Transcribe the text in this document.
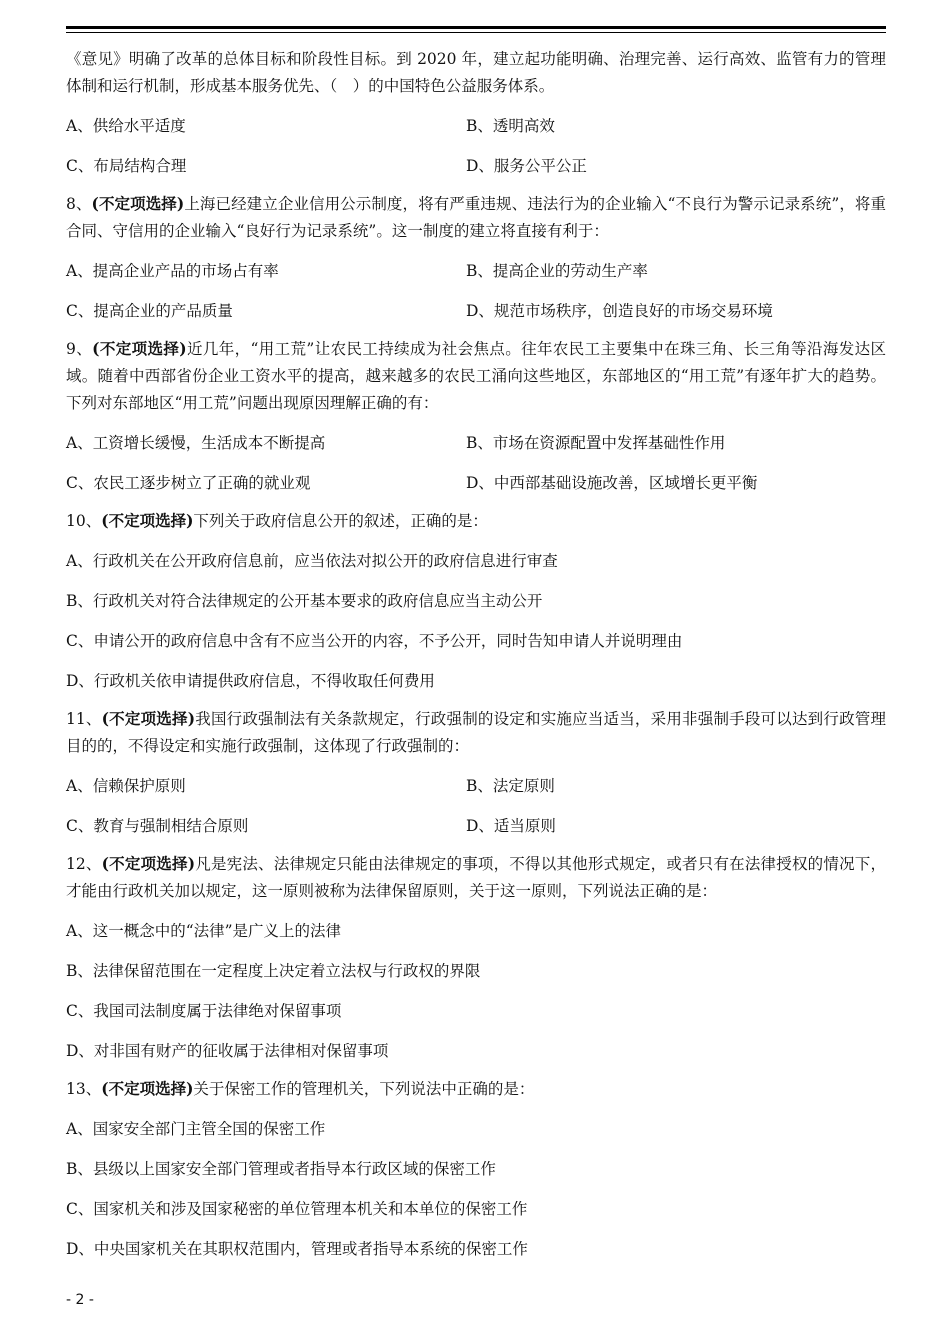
《意见》明确了改革的总体目标和阶段性目标。到 2020 年，建立起功能明确、治理完善、运行高效、监管有力的管理体制和运行机制，形成基本服务优先、（　）的中国特色公益服务体系。

A、供给水平适度	B、透明高效
C、布局结构合理	D、服务公平公正

8、(不定项选择)上海已经建立企业信用公示制度，将有严重违规、违法行为的企业输入“不良行为警示记录系统”，将重合同、守信用的企业输入“良好行为记录系统”。这一制度的建立将直接有利于：

A、提高企业产品的市场占有率	B、提高企业的劳动生产率
C、提高企业的产品质量	D、规范市场秩序，创造良好的市场交易环境

9、(不定项选择)近几年，“用工荒”让农民工持续成为社会焦点。往年农民工主要集中在珠三角、长三角等沿海发达区域。随着中西部省份企业工资水平的提高，越来越多的农民工涌向这些地区，东部地区的“用工荒”有逐年扩大的趋势。下列对东部地区“用工荒”问题出现原因理解正确的有：

A、工资增长缓慢，生活成本不断提高	B、市场在资源配置中发挥基础性作用
C、农民工逐步树立了正确的就业观	D、中西部基础设施改善，区域增长更平衡

10、(不定项选择)下列关于政府信息公开的叙述，正确的是：

A、行政机关在公开政府信息前，应当依法对拟公开的政府信息进行审查
B、行政机关对符合法律规定的公开基本要求的政府信息应当主动公开
C、申请公开的政府信息中含有不应当公开的内容，不予公开，同时告知申请人并说明理由
D、行政机关依申请提供政府信息，不得收取任何费用

11、(不定项选择)我国行政强制法有关条款规定，行政强制的设定和实施应当适当，采用非强制手段可以达到行政管理目的的，不得设定和实施行政强制，这体现了行政强制的：

A、信赖保护原则	B、法定原则
C、教育与强制相结合原则	D、适当原则

12、(不定项选择)凡是宪法、法律规定只能由法律规定的事项，不得以其他形式规定，或者只有在法律授权的情况下，才能由行政机关加以规定，这一原则被称为法律保留原则，关于这一原则，下列说法正确的是：

A、这一概念中的“法律”是广义上的法律
B、法律保留范围在一定程度上决定着立法权与行政权的界限
C、我国司法制度属于法律绝对保留事项
D、对非国有财产的征收属于法律相对保留事项

13、(不定项选择)关于保密工作的管理机关，下列说法中正确的是：

A、国家安全部门主管全国的保密工作
B、县级以上国家安全部门管理或者指导本行政区域的保密工作
C、国家机关和涉及国家秘密的单位管理本机关和本单位的保密工作
D、中央国家机关在其职权范围内，管理或者指导本系统的保密工作
- 2 -
